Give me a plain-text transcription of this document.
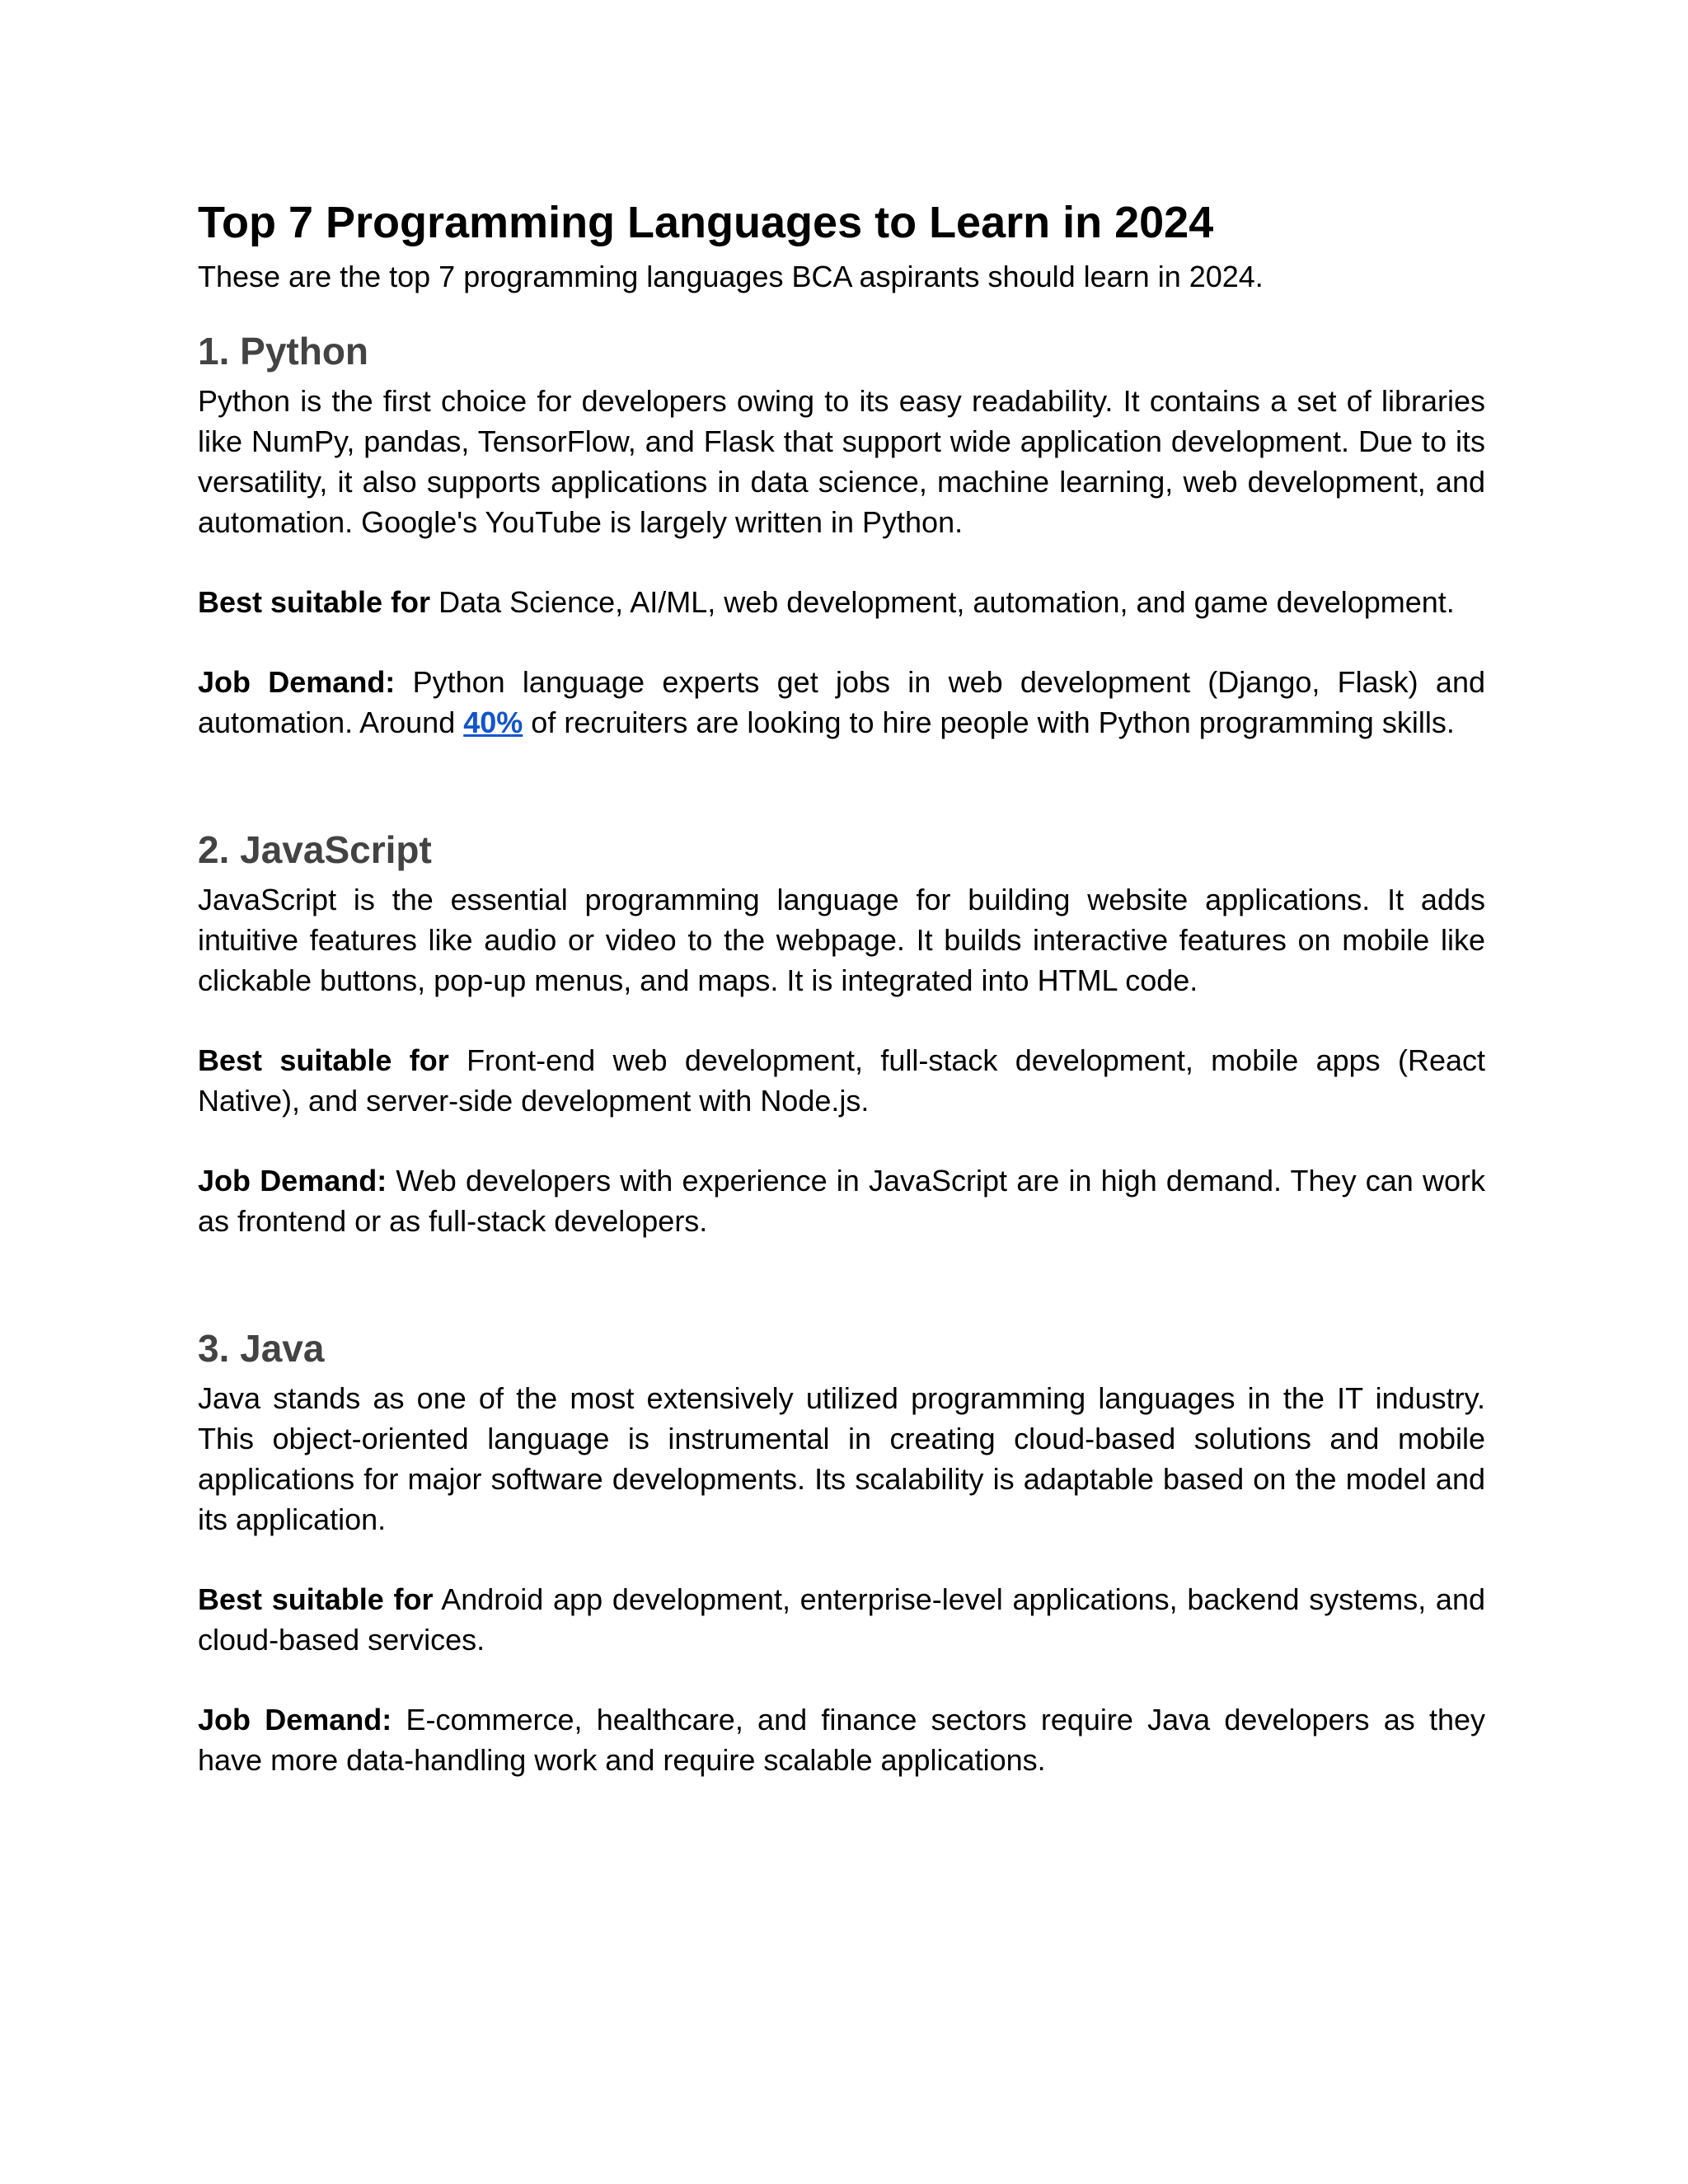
Top 7 Programming Languages to Learn in 2024

These are the top 7 programming languages BCA aspirants should learn in 2024.

1. Python

Python is the first choice for developers owing to its easy readability. It contains a set of libraries like NumPy, pandas, TensorFlow, and Flask that support wide application development. Due to its versatility, it also supports applications in data science, machine learning, web development, and automation. Google's YouTube is largely written in Python.

Best suitable for Data Science, AI/ML, web development, automation, and game development.

Job Demand: Python language experts get jobs in web development (Django, Flask) and automation. Around 40% of recruiters are looking to hire people with Python programming skills.

2. JavaScript

JavaScript is the essential programming language for building website applications. It adds intuitive features like audio or video to the webpage. It builds interactive features on mobile like clickable buttons, pop-up menus, and maps. It is integrated into HTML code.

Best suitable for Front-end web development, full-stack development, mobile apps (React Native), and server-side development with Node.js.

Job Demand: Web developers with experience in JavaScript are in high demand. They can work as frontend or as full-stack developers.

3. Java

Java stands as one of the most extensively utilized programming languages in the IT industry. This object-oriented language is instrumental in creating cloud-based solutions and mobile applications for major software developments. Its scalability is adaptable based on the model and its application.

Best suitable for Android app development, enterprise-level applications, backend systems, and cloud-based services.

Job Demand: E-commerce, healthcare, and finance sectors require Java developers as they have more data-handling work and require scalable applications.
